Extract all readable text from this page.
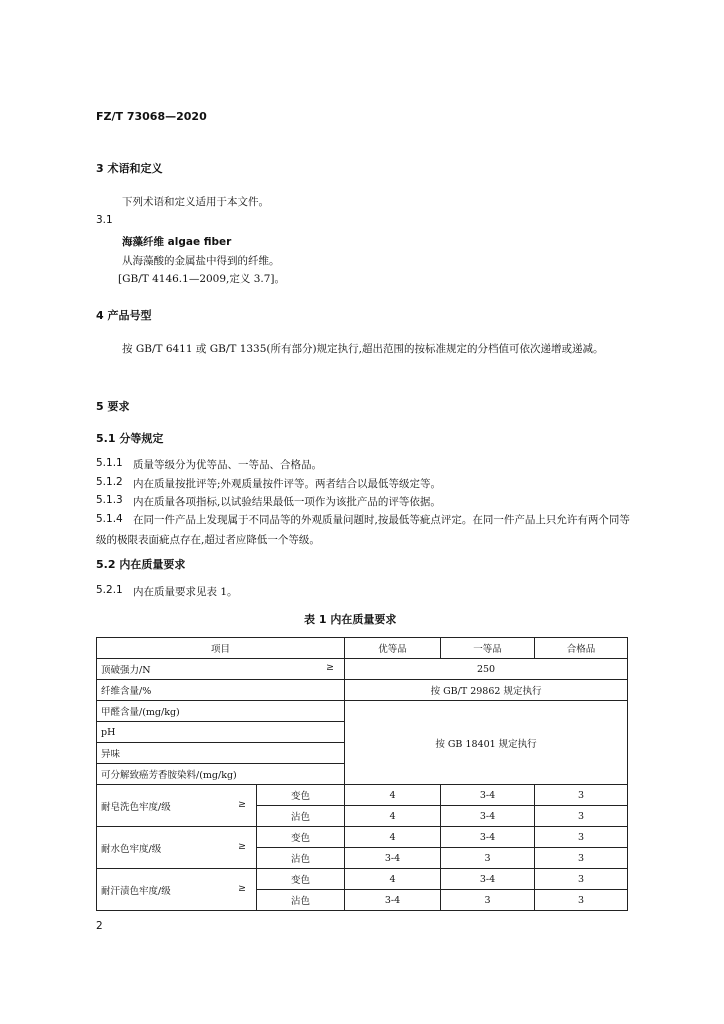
FZ/T 73068—2020
3 术语和定义
下列术语和定义适用于本文件。
3.1
海藻纤维 algae fiber
从海藻酸的金属盐中得到的纤维。
[GB/T 4146.1—2009,定义 3.7]。
4 产品号型
按 GB/T 6411 或 GB/T 1335(所有部分)规定执行,超出范围的按标准规定的分档值可依次递增或递减。
5 要求
5.1 分等规定
5.1.1 质量等级分为优等品、一等品、合格品。
5.1.2 内在质量按批评等;外观质量按件评等。两者结合以最低等级定等。
5.1.3 内在质量各项指标,以试验结果最低一项作为该批产品的评等依据。
5.1.4 在同一件产品上发现属于不同品等的外观质量问题时,按最低等疵点评定。在同一件产品上只允许有两个同等级的极限表面疵点存在,超过者应降低一个等级。
5.2 内在质量要求
5.2.1 内在质量要求见表 1。
表 1 内在质量要求
项目		优等品	一等品	合格品
顶破强力/N ≥		250		
纤维含量/%		按 GB/T 29862 规定执行		
甲醛含量/(mg/kg)		按 GB 18401 规定执行		
pH				
异味				
可分解致癌芳香胺染料/(mg/kg)				
耐皂洗色牢度/级 ≥	变色	4	3-4	3
	沾色	4	3-4	3
耐水色牢度/级 ≥	变色	4	3-4	3
	沾色	3-4	3	3
耐汗渍色牢度/级 ≥	变色	4	3-4	3
	沾色	3-4	3	3
2
